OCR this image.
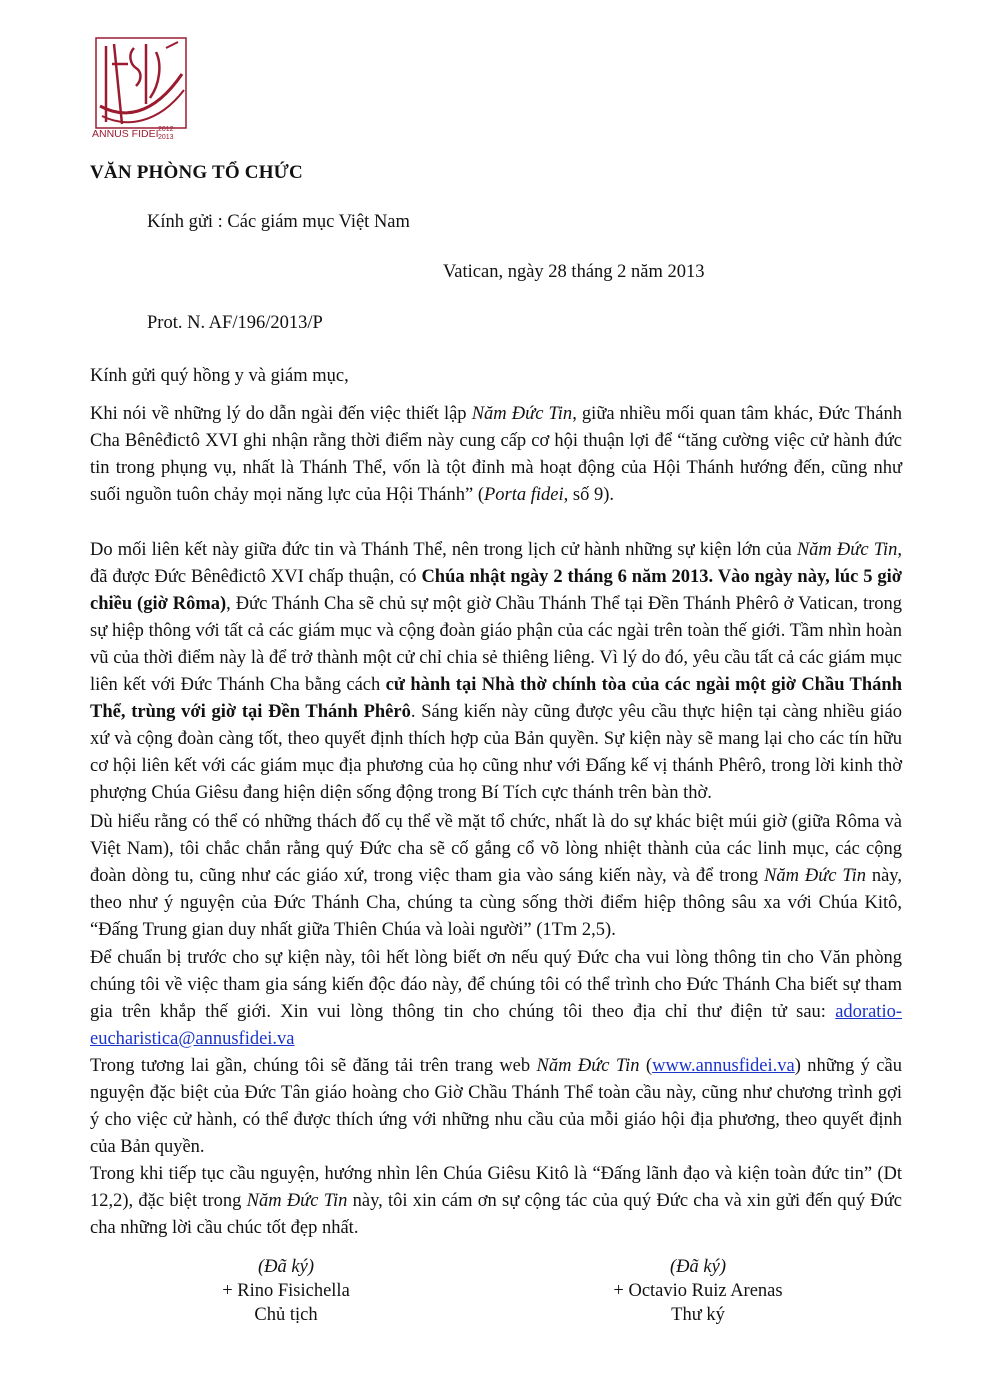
ANNUS FIDEI 2012
2013
VĂN PHÒNG TỔ CHỨC
Kính gửi : Các giám mục Việt Nam
Vatican, ngày 28 tháng 2 năm 2013
Prot. N. AF/196/2013/P
Kính gửi quý hồng y và giám mục,

Khi nói về những lý do dẫn ngài đến việc thiết lập Năm Đức Tin, giữa nhiều mối quan tâm khác, Đức Thánh Cha Bênêđictô XVI ghi nhận rằng thời điểm này cung cấp cơ hội thuận lợi để “tăng cường việc cử hành đức tin trong phụng vụ, nhất là Thánh Thể, vốn là tột đỉnh mà hoạt động của Hội Thánh hướng đến, cũng như suối nguồn tuôn chảy mọi năng lực của Hội Thánh” (Porta fidei, số 9).

Do mối liên kết này giữa đức tin và Thánh Thể, nên trong lịch cử hành những sự kiện lớn của Năm Đức Tin, đã được Đức Bênêđictô XVI chấp thuận, có Chúa nhật ngày 2 tháng 6 năm 2013. Vào ngày này, lúc 5 giờ chiều (giờ Rôma), Đức Thánh Cha sẽ chủ sự một giờ Chầu Thánh Thể tại Đền Thánh Phêrô ở Vatican, trong sự hiệp thông với tất cả các giám mục và cộng đoàn giáo phận của các ngài trên toàn thế giới. Tầm nhìn hoàn vũ của thời điểm này là để trở thành một cử chỉ chia sẻ thiêng liêng. Vì lý do đó, yêu cầu tất cả các giám mục liên kết với Đức Thánh Cha bằng cách cử hành tại Nhà thờ chính tòa của các ngài một giờ Chầu Thánh Thể, trùng với giờ tại Đền Thánh Phêrô. Sáng kiến này cũng được yêu cầu thực hiện tại càng nhiều giáo xứ và cộng đoàn càng tốt, theo quyết định thích hợp của Bản quyền. Sự kiện này sẽ mang lại cho các tín hữu cơ hội liên kết với các giám mục địa phương của họ cũng như với Đấng kế vị thánh Phêrô, trong lời kinh thờ phượng Chúa Giêsu đang hiện diện sống động trong Bí Tích cực thánh trên bàn thờ.

Dù hiểu rằng có thể có những thách đố cụ thể về mặt tổ chức, nhất là do sự khác biệt múi giờ (giữa Rôma và Việt Nam), tôi chắc chắn rằng quý Đức cha sẽ cố gắng cổ võ lòng nhiệt thành của các linh mục, các cộng đoàn dòng tu, cũng như các giáo xứ, trong việc tham gia vào sáng kiến này, và để trong Năm Đức Tin này, theo như ý nguyện của Đức Thánh Cha, chúng ta cùng sống thời điểm hiệp thông sâu xa với Chúa Kitô, “Đấng Trung gian duy nhất giữa Thiên Chúa và loài người” (1Tm 2,5).

Để chuẩn bị trước cho sự kiện này, tôi hết lòng biết ơn nếu quý Đức cha vui lòng thông tin cho Văn phòng chúng tôi về việc tham gia sáng kiến độc đáo này, để chúng tôi có thể trình cho Đức Thánh Cha biết sự tham gia trên khắp thế giới. Xin vui lòng thông tin cho chúng tôi theo địa chỉ thư điện tử sau: adoratio-eucharistica@annusfidei.va

Trong tương lai gần, chúng tôi sẽ đăng tải trên trang web Năm Đức Tin (www.annusfidei.va) những ý cầu nguyện đặc biệt của Đức Tân giáo hoàng cho Giờ Chầu Thánh Thể toàn cầu này, cũng như chương trình gợi ý cho việc cử hành, có thể được thích ứng với những nhu cầu của mỗi giáo hội địa phương, theo quyết định của Bản quyền.

Trong khi tiếp tục cầu nguyện, hướng nhìn lên Chúa Giêsu Kitô là “Đấng lãnh đạo và kiện toàn đức tin” (Dt 12,2), đặc biệt trong Năm Đức Tin này, tôi xin cám ơn sự cộng tác của quý Đức cha và xin gửi đến quý Đức cha những lời cầu chúc tốt đẹp nhất.

(Đã ký)
+ Rino Fisichella
Chủ tịch
(Đã ký)
+ Octavio Ruiz Arenas
Thư ký
